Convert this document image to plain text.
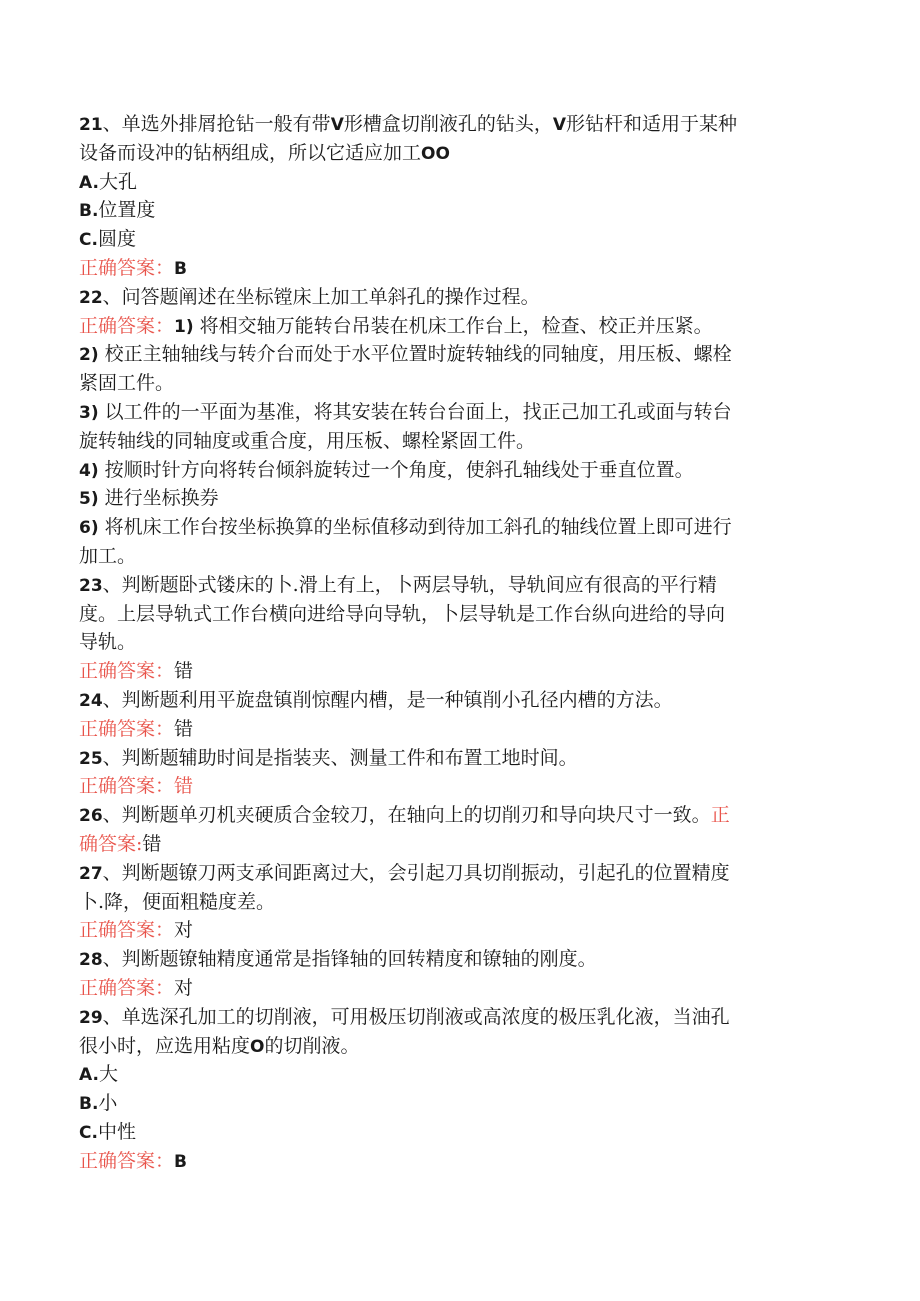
21、单选外排屑抢钻一般有带V形槽盒切削液孔的钻头，V形钻杆和适用于某种
设备而设冲的钻柄组成，所以它适应加工OO
A.大孔
B.位置度
C.圆度
正确答案：B
22、问答题阐述在坐标镗床上加工单斜孔的操作过程。
正确答案：1) 将相交轴万能转台吊装在机床工作台上，检查、校正并压紧。
2) 校正主轴轴线与转介台而处于水平位置时旋转轴线的同轴度，用压板、螺栓
紧固工件。
3) 以工件的一平面为基准，将其安装在转台台面上，找正己加工孔或面与转台
旋转轴线的同轴度或重合度，用压板、螺栓紧固工件。
4) 按顺时针方向将转台倾斜旋转过一个角度，使斜孔轴线处于垂直位置。
5) 进行坐标换券
6) 将机床工作台按坐标换算的坐标值移动到待加工斜孔的轴线位置上即可进行
加工。
23、判断题卧式镂床的卜.滑上有上，卜两层导轨，导轨间应有很高的平行精
度。上层导轨式工作台横向进给导向导轨，卜层导轨是工作台纵向进给的导向
导轨。
正确答案：错
24、判断题利用平旋盘镇削惊醒内槽，是一种镇削小孔径内槽的方法。
正确答案：错
25、判断题辅助时间是指装夹、测量工件和布置工地时间。
正确答案：错
26、判断题单刃机夹硬质合金较刀，在轴向上的切削刃和导向块尺寸一致。正
确答案:错
27、判断题镣刀两支承间距离过大，会引起刀具切削振动，引起孔的位置精度
卜.降，便面粗糙度差。
正确答案：对
28、判断题镣轴精度通常是指锋轴的回转精度和镣轴的刚度。
正确答案：对
29、单选深孔加工的切削液，可用极压切削液或高浓度的极压乳化液，当油孔
很小时，应选用粘度O的切削液。
A.大
B.小
C.中性
正确答案：B
